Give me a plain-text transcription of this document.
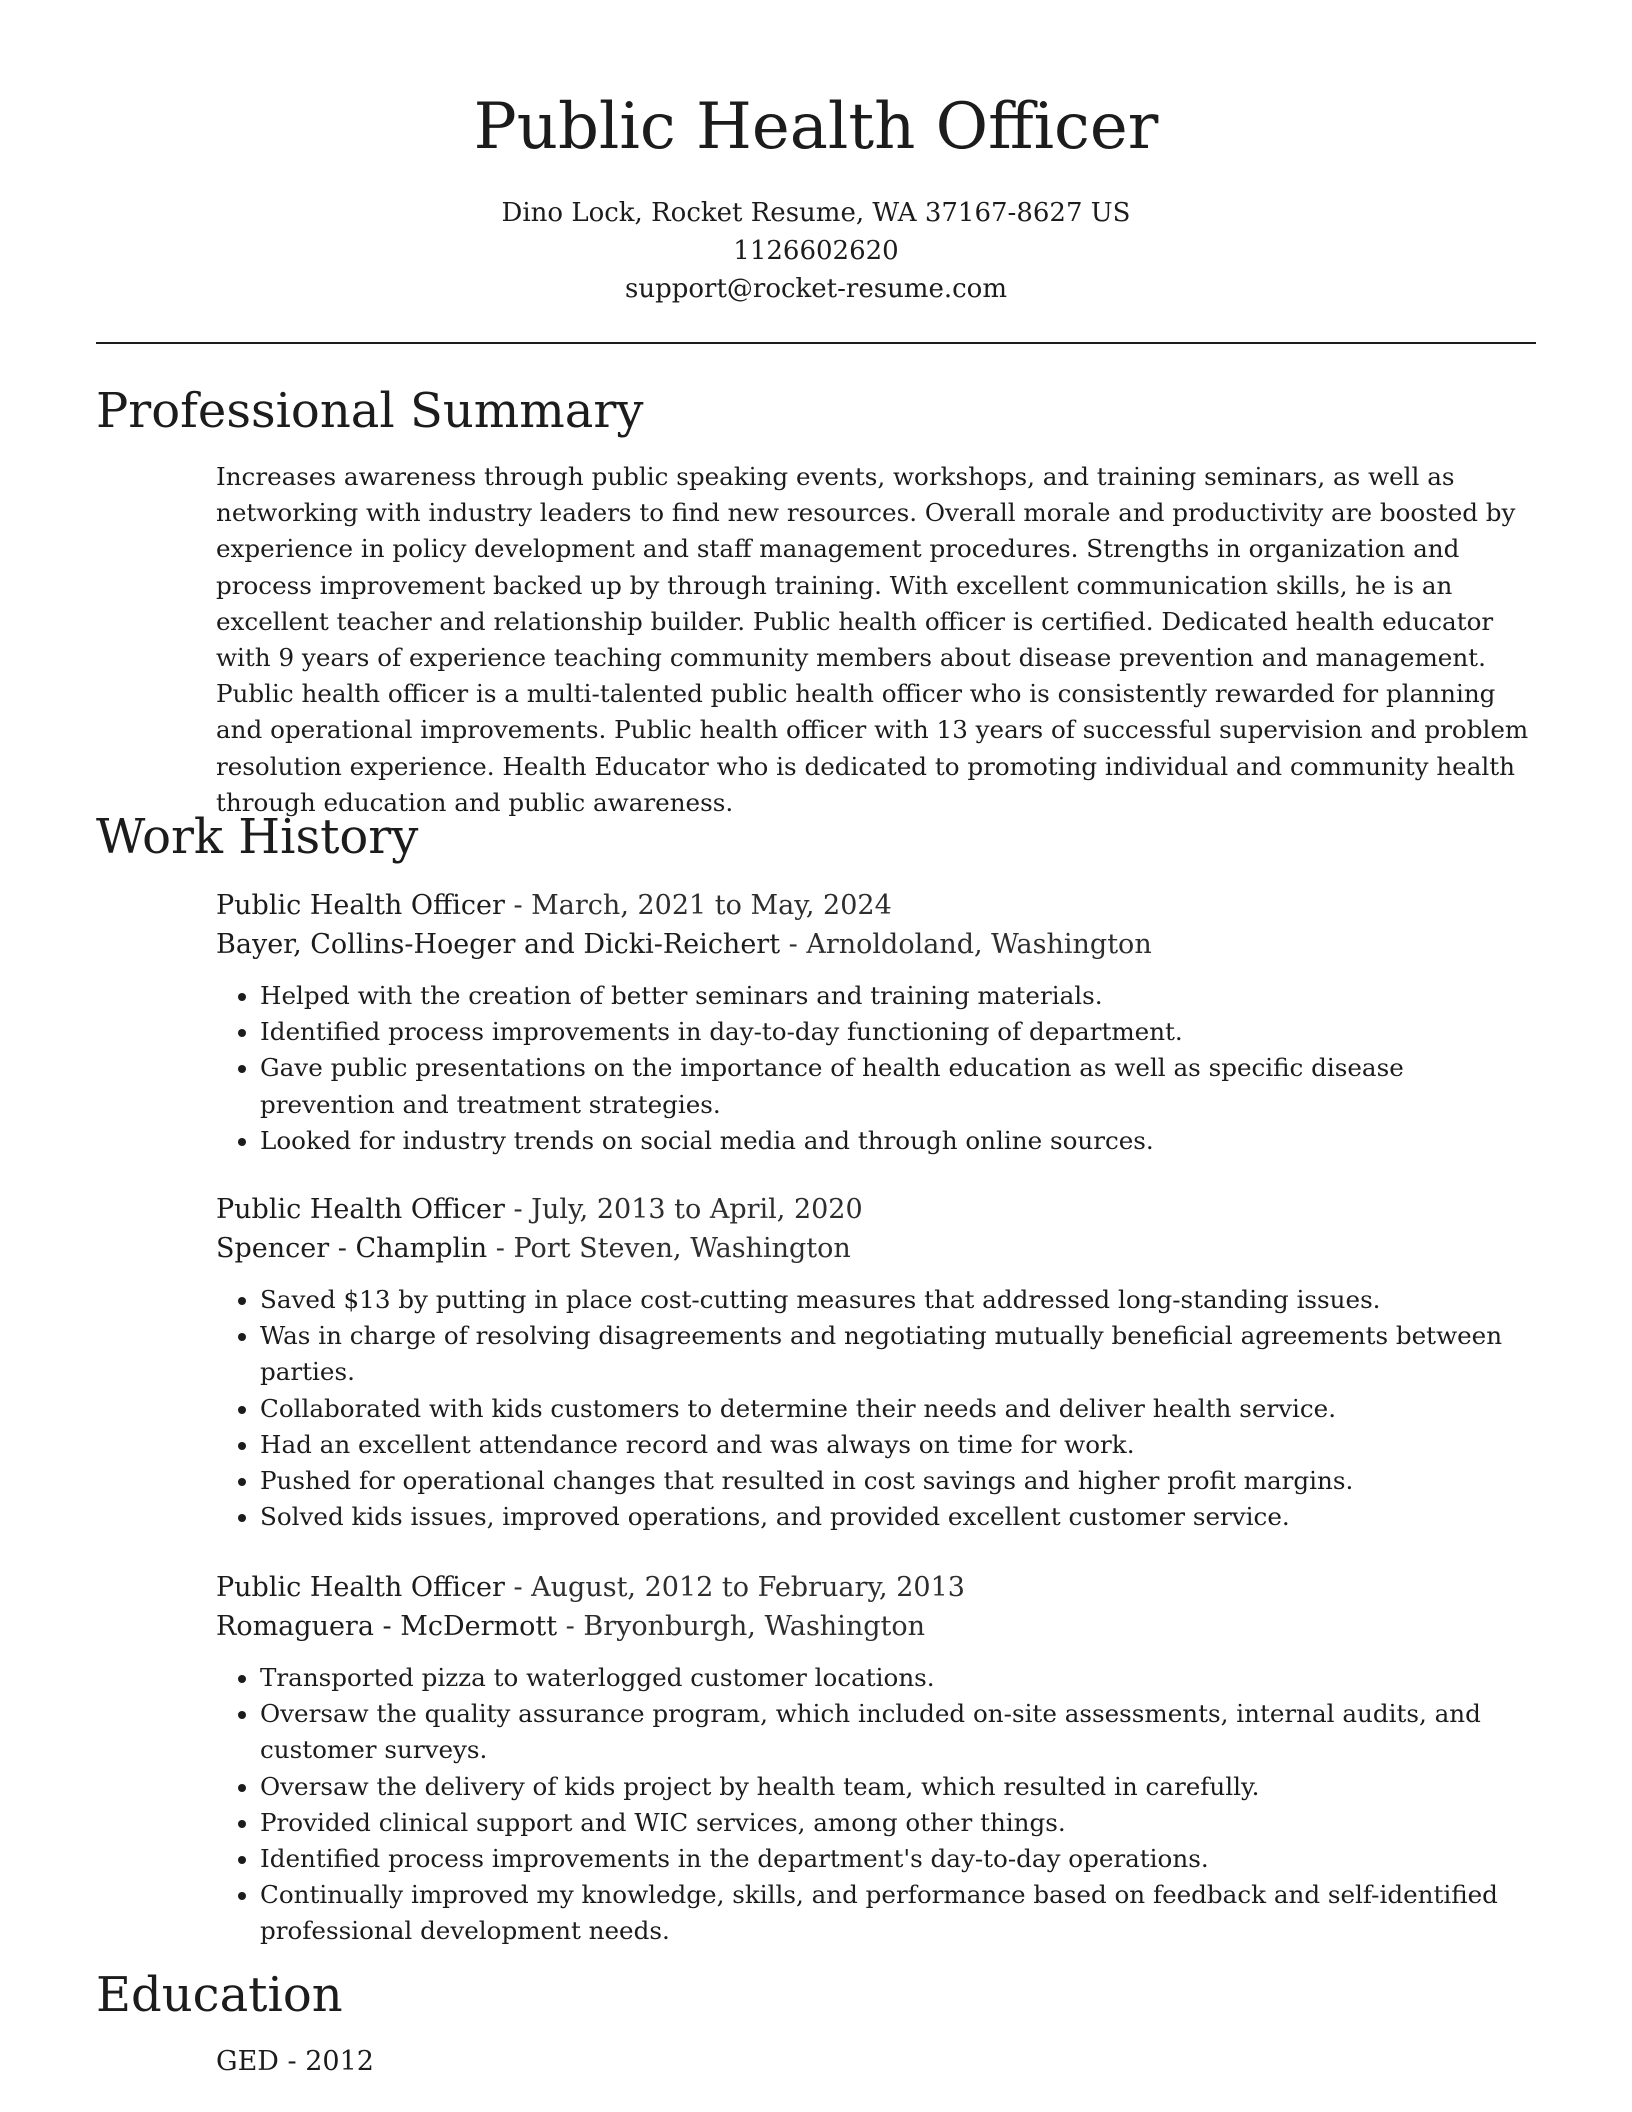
Public Health Officer
Dino Lock, Rocket Resume, WA 37167-8627 US
1126602620
support@rocket-resume.com
Professional Summary

Increases awareness through public speaking events, workshops, and training seminars, as well as networking with industry leaders to find new resources. Overall morale and productivity are boosted by experience in policy development and staff management procedures. Strengths in organization and process improvement backed up by through training. With excellent communication skills, he is an excellent teacher and relationship builder. Public health officer is certified. Dedicated health educator with 9 years of experience teaching community members about disease prevention and management. Public health officer is a multi-talented public health officer who is consistently rewarded for planning and operational improvements. Public health officer with 13 years of successful supervision and problem resolution experience. Health Educator who is dedicated to promoting individual and community health through education and public awareness.

Work History
Public Health Officer - March, 2021 to May, 2024
Bayer, Collins-Hoeger and Dicki-Reichert - Arnoldoland, Washington
• Helped with the creation of better seminars and training materials.
• Identified process improvements in day-to-day functioning of department.
• Gave public presentations on the importance of health education as well as specific disease prevention and treatment strategies.
• Looked for industry trends on social media and through online sources.
Public Health Officer - July, 2013 to April, 2020
Spencer - Champlin - Port Steven, Washington
• Saved $13 by putting in place cost-cutting measures that addressed long-standing issues.
• Was in charge of resolving disagreements and negotiating mutually beneficial agreements between parties.
• Collaborated with kids customers to determine their needs and deliver health service.
• Had an excellent attendance record and was always on time for work.
• Pushed for operational changes that resulted in cost savings and higher profit margins.
• Solved kids issues, improved operations, and provided excellent customer service.
Public Health Officer - August, 2012 to February, 2013
Romaguera - McDermott - Bryonburgh, Washington
• Transported pizza to waterlogged customer locations.
• Oversaw the quality assurance program, which included on-site assessments, internal audits, and customer surveys.
• Oversaw the delivery of kids project by health team, which resulted in carefully.
• Provided clinical support and WIC services, among other things.
• Identified process improvements in the department's day-to-day operations.
• Continually improved my knowledge, skills, and performance based on feedback and self-identified professional development needs.
Education
GED - 2012
